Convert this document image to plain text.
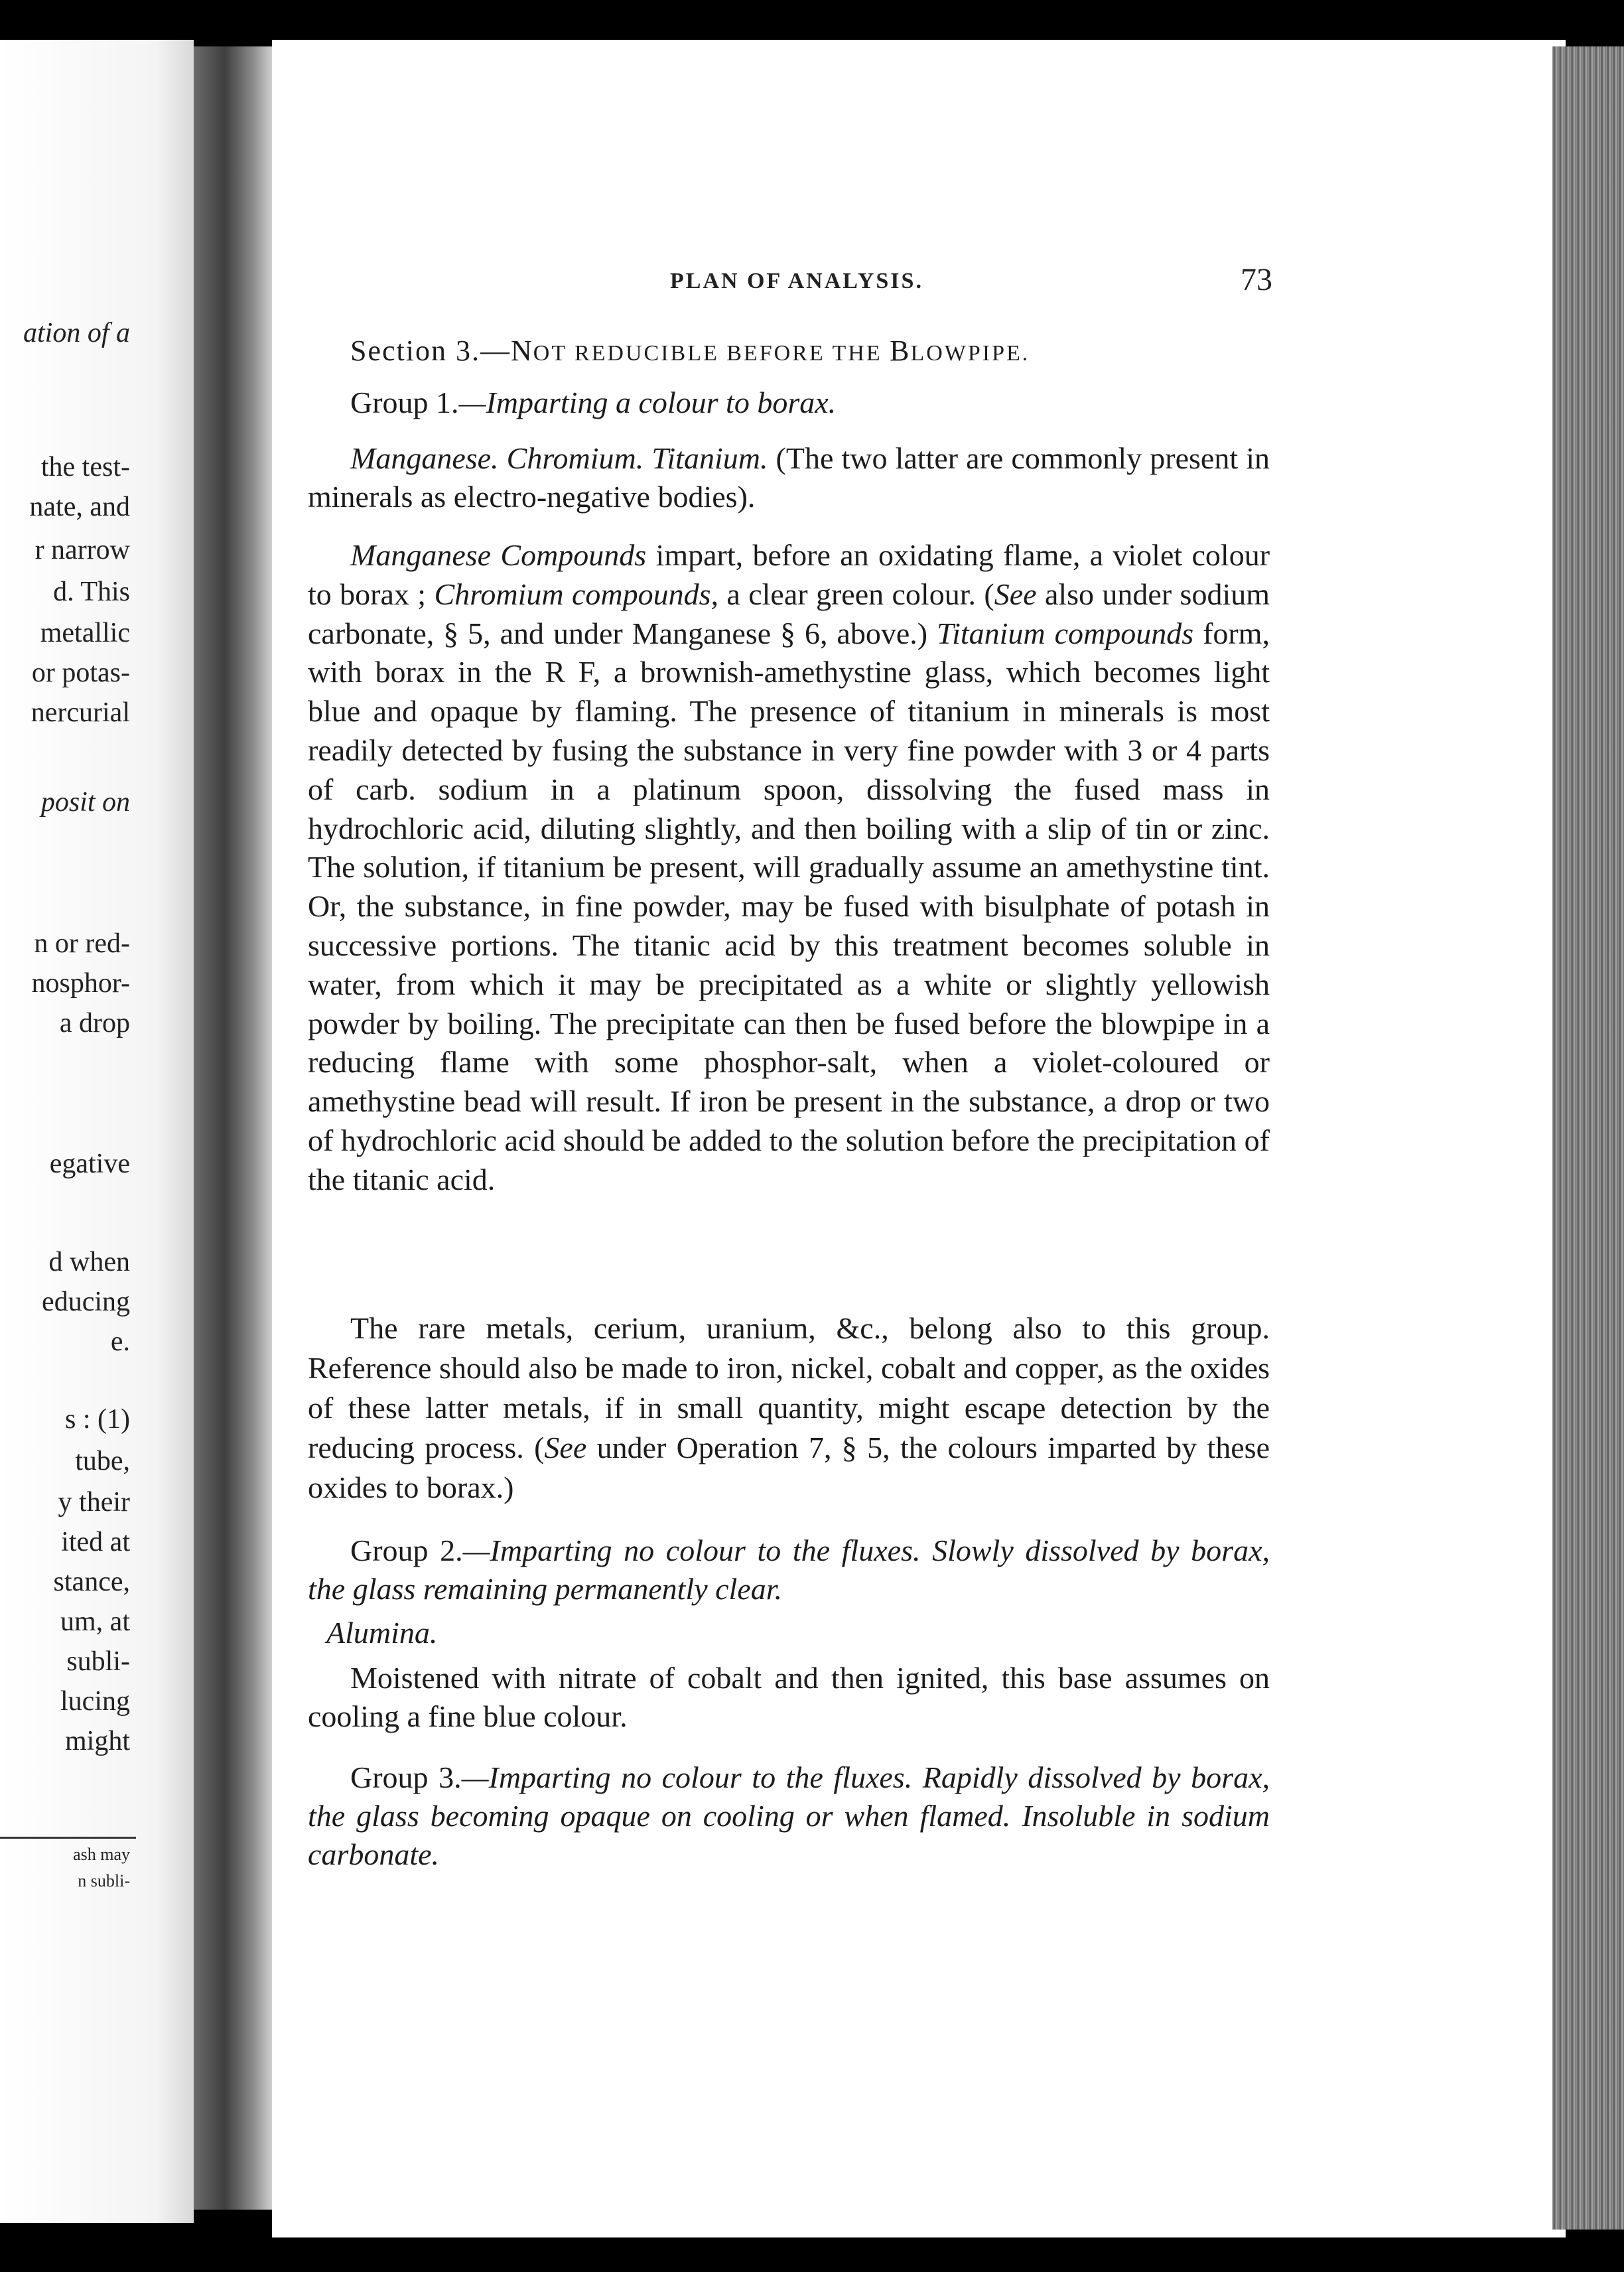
ation of a
the test-
nate, and
r narrow
d. This
metallic
or potas-
nercurial
posit on
n or red-
nosphor-
a drop
egative
d when
educing
e.
s : (1)
tube,
y their
ited at
stance,
um, at
subli-
lucing
might
ash may
n subli-
PLAN OF ANALYSIS.	73
Section 3.—NOT REDUCIBLE BEFORE THE BLOWPIPE.
Group 1.—Imparting a colour to borax.
Manganese. Chromium. Titanium. (The two latter are commonly present in minerals as electro-negative bodies).
Manganese Compounds impart, before an oxidating flame, a violet colour to borax ; Chromium compounds, a clear green colour. (See also under sodium carbonate, § 5, and under Manganese § 6, above.) Titanium compounds form, with borax in the R F, a brownish-amethystine glass, which becomes light blue and opaque by flaming. The presence of titanium in minerals is most readily detected by fusing the substance in very fine powder with 3 or 4 parts of carb. sodium in a platinum spoon, dissolving the fused mass in hydrochloric acid, diluting slightly, and then boiling with a slip of tin or zinc. The solution, if titanium be present, will gradually assume an amethystine tint. Or, the substance, in fine powder, may be fused with bisulphate of potash in successive portions. The titanic acid by this treatment becomes soluble in water, from which it may be precipitated as a white or slightly yellowish powder by boiling. The precipitate can then be fused before the blowpipe in a reducing flame with some phosphor-salt, when a violet-coloured or amethystine bead will result. If iron be present in the substance, a drop or two of hydrochloric acid should be added to the solution before the precipitation of the titanic acid.
The rare metals, cerium, uranium, &c., belong also to this group. Reference should also be made to iron, nickel, cobalt and copper, as the oxides of these latter metals, if in small quantity, might escape detection by the reducing process. (See under Operation 7, § 5, the colours imparted by these oxides to borax.)
Group 2.—Imparting no colour to the fluxes. Slowly dissolved by borax, the glass remaining permanently clear.
Alumina.
Moistened with nitrate of cobalt and then ignited, this base assumes on cooling a fine blue colour.
Group 3.—Imparting no colour to the fluxes. Rapidly dissolved by borax, the glass becoming opaque on cooling or when flamed. Insoluble in sodium carbonate.
